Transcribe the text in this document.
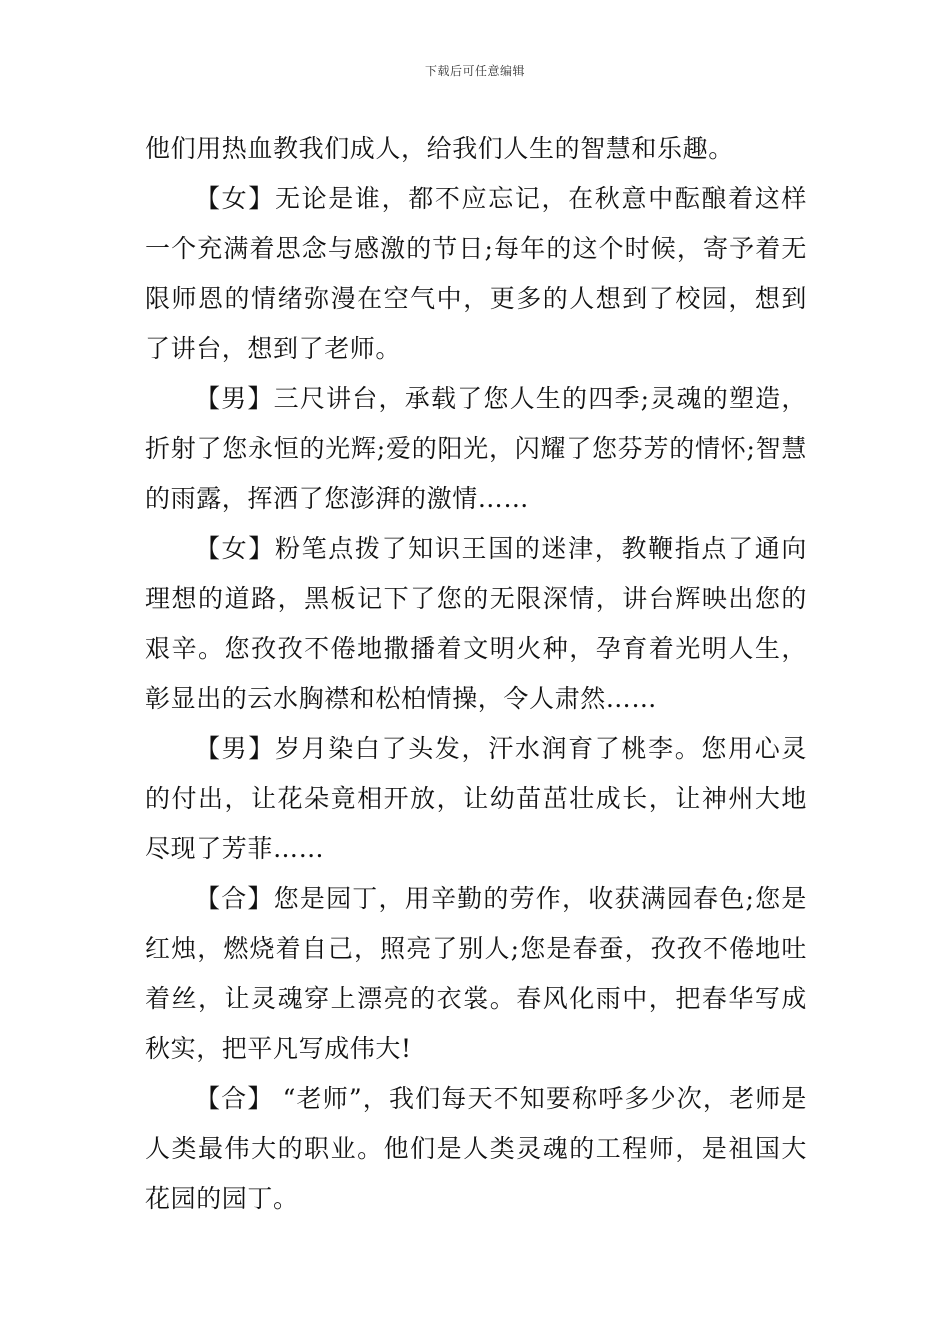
下载后可任意编辑

他们用热血教我们成人，给我们人生的智慧和乐趣。

【女】无论是谁，都不应忘记，在秋意中酝酿着这样一个充满着思念与感激的节日;每年的这个时候，寄予着无限师恩的情绪弥漫在空气中，更多的人想到了校园，想到了讲台，想到了老师。

【男】三尺讲台，承载了您人生的四季;灵魂的塑造，折射了您永恒的光辉;爱的阳光，闪耀了您芬芳的情怀;智慧的雨露，挥洒了您澎湃的激情……

【女】粉笔点拨了知识王国的迷津，教鞭指点了通向理想的道路，黑板记下了您的无限深情，讲台辉映出您的艰辛。您孜孜不倦地撒播着文明火种，孕育着光明人生，彰显出的云水胸襟和松柏情操，令人肃然……

【男】岁月染白了头发，汗水润育了桃李。您用心灵的付出，让花朵竟相开放，让幼苗茁壮成长，让神州大地尽现了芳菲……

【合】您是园丁，用辛勤的劳作，收获满园春色;您是红烛，燃烧着自己，照亮了别人;您是春蚕，孜孜不倦地吐着丝，让灵魂穿上漂亮的衣裳。春风化雨中，把春华写成秋实，把平凡写成伟大!

【合】 “老师”，我们每天不知要称呼多少次，老师是人类最伟大的职业。他们是人类灵魂的工程师，是祖国大花园的园丁。
